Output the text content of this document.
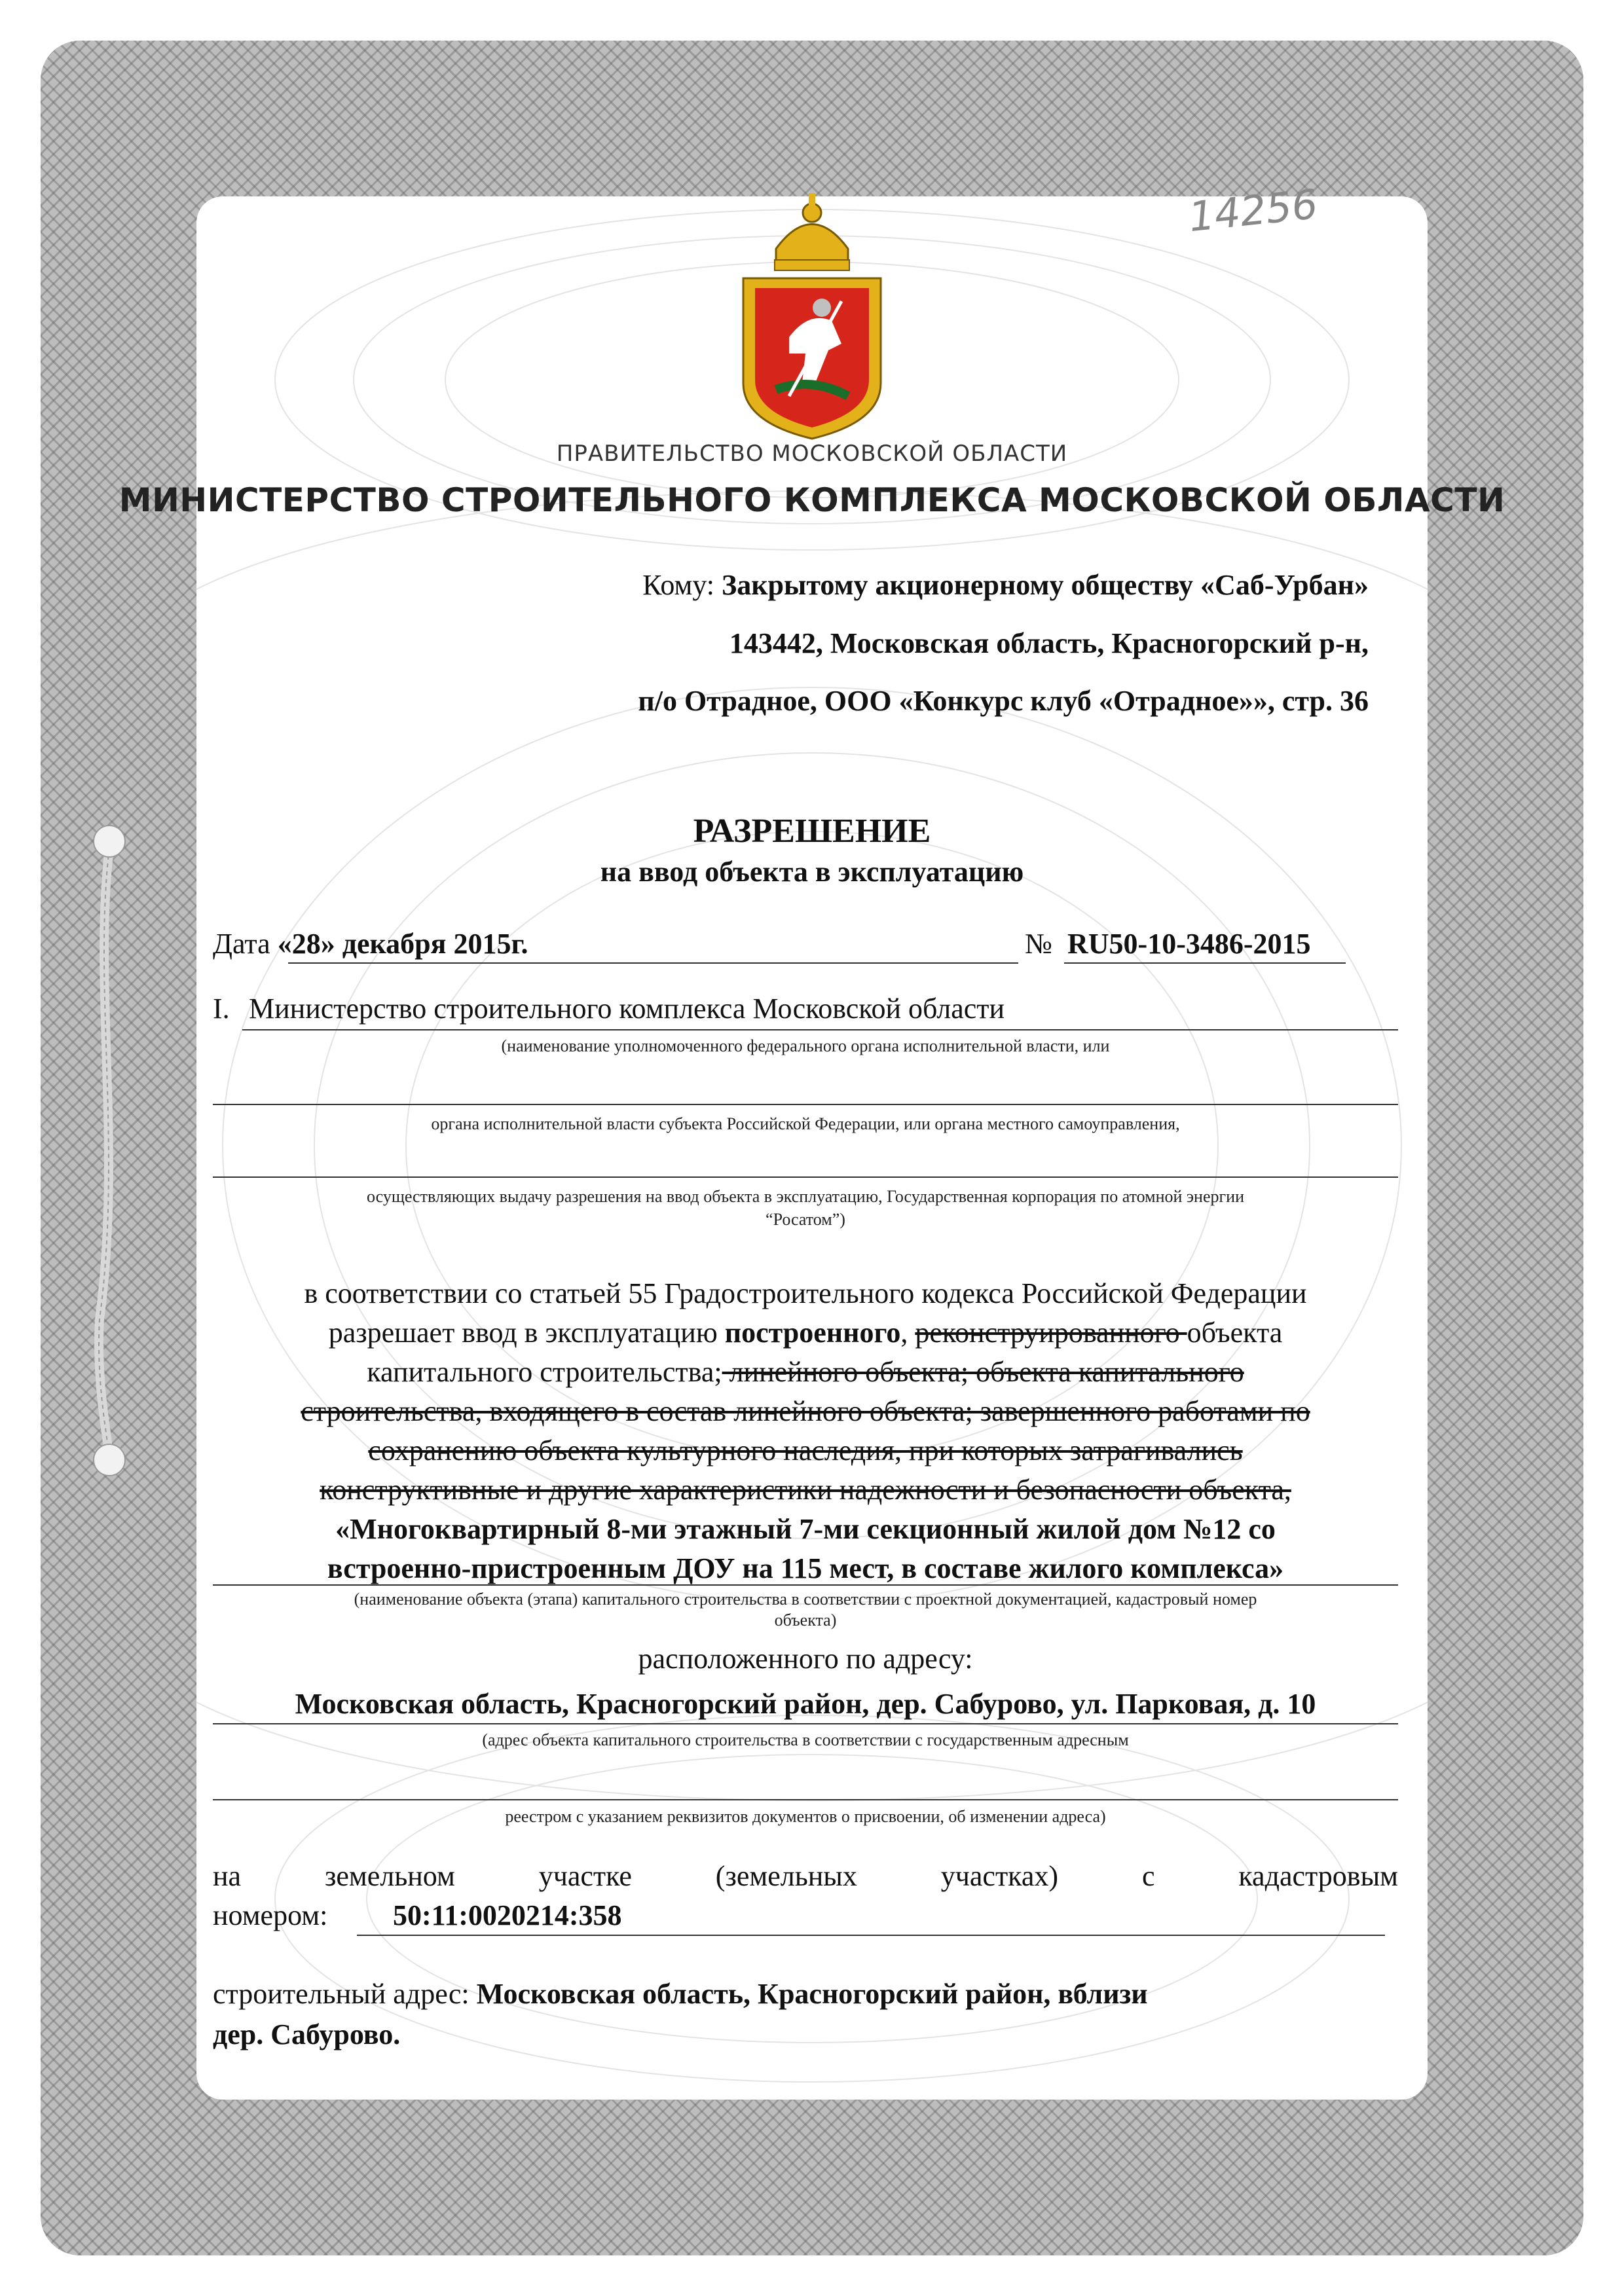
14256
ПРАВИТЕЛЬСТВО МОСКОВСКОЙ ОБЛАСТИ
МИНИСТЕРСТВО СТРОИТЕЛЬНОГО КОМПЛЕКСА МОСКОВСКОЙ ОБЛАСТИ
Кому: Закрытому акционерному обществу «Саб-Урбан»
143442, Московская область, Красногорский р-н,
п/о Отрадное, ООО «Конкурс клуб «Отрадное»», стр. 36
РАЗРЕШЕНИЕ
на ввод объекта в эксплуатацию
Дата «28» декабря 2015г.	№ RU50-10-3486-2015
I. Министерство строительного комплекса Московской области
(наименование уполномоченного федерального органа исполнительной власти, или
органа исполнительной власти субъекта Российской Федерации, или органа местного самоуправления,
осуществляющих выдачу разрешения на ввод объекта в эксплуатацию, Государственная корпорация по атомной энергии
“Росатом”)
в соответствии со статьей 55 Градостроительного кодекса Российской Федерации
разрешает ввод в эксплуатацию построенного, реконструированного объекта
капитального строительства; линейного объекта; объекта капитального
строительства, входящего в состав линейного объекта; завершенного работами по
сохранению объекта культурного наследия, при которых затрагивались
конструктивные и другие характеристики надежности и безопасности объекта,
«Многоквартирный 8-ми этажный 7-ми секционный жилой дом №12 со
встроенно-пристроенным ДОУ на 115 мест, в составе жилого комплекса»
(наименование объекта (этапа) капитального строительства в соответствии с проектной документацией, кадастровый номер
объекта)
расположенного по адресу:
Московская область, Красногорский район, дер. Сабурово, ул. Парковая, д. 10
(адрес объекта капитального строительства в соответствии с государственным адресным
реестром с указанием реквизитов документов о присвоении, об изменении адреса)
на	земельном	участке	(земельных	участках)	с	кадастровым
номером: 50:11:0020214:358
строительный адрес: Московская область, Красногорский район, вблизи
дер. Сабурово.
